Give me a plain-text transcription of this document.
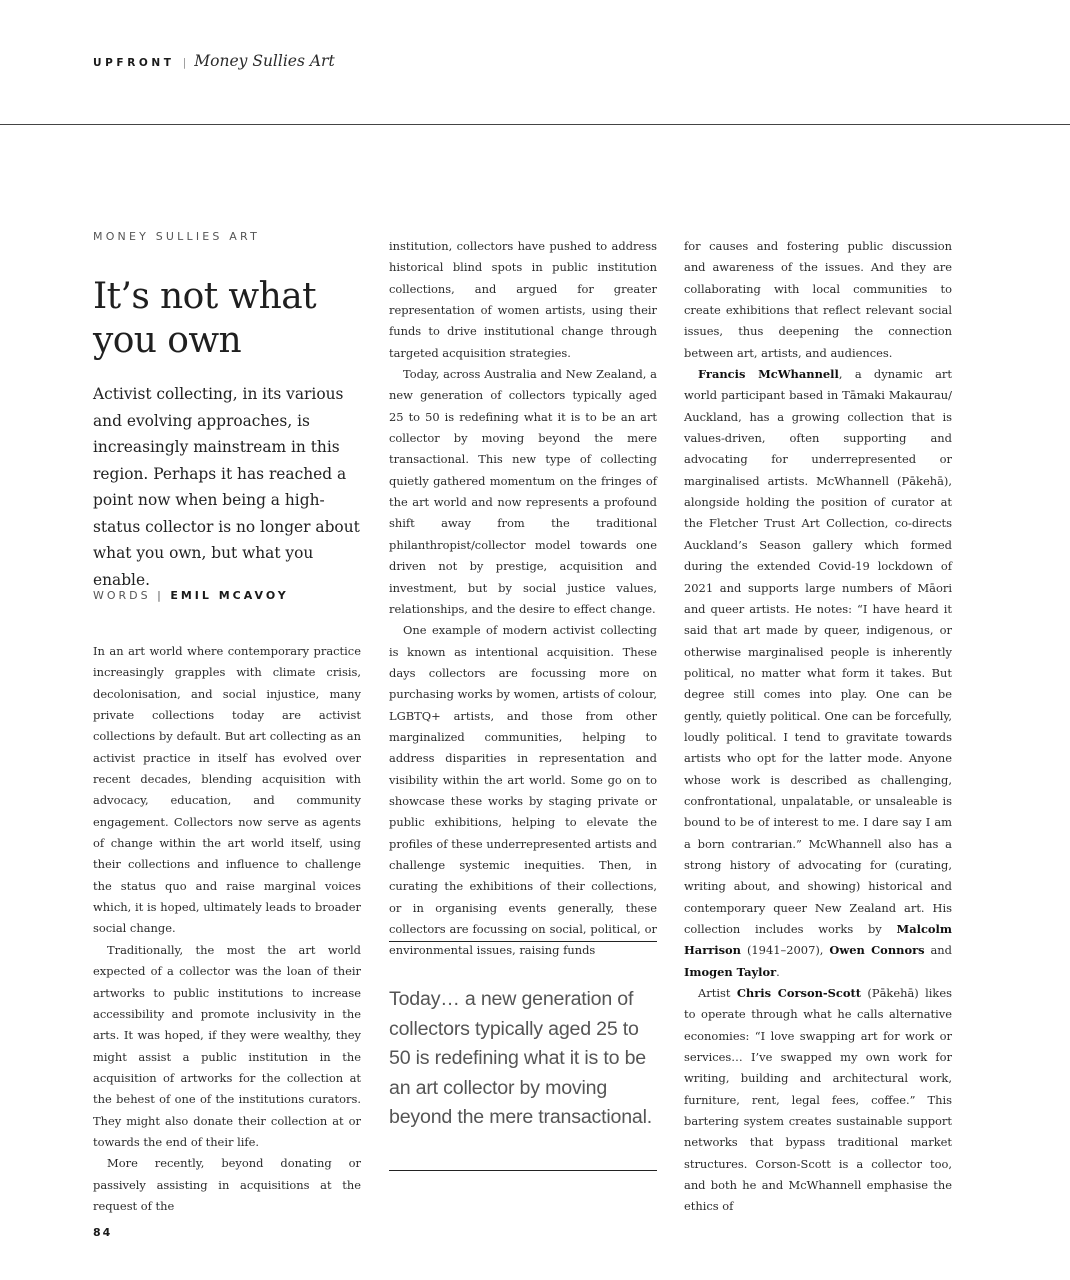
UPFRONT | Money Sullies Art
MONEY SULLIES ART
It’s not what you own

Activist collecting, in its various and evolving approaches, is increasingly mainstream in this region. Perhaps it has reached a point now when being a high-status collector is no longer about what you own, but what you enable.

WORDS | EMIL MCAVOY

In an art world where contemporary practice increasingly grapples with climate crisis, decolonisation, and social injustice, many private collections today are activist collections by default. But art collecting as an activist practice in itself has evolved over recent decades, blending acquisition with advocacy, education, and community engagement. Collectors now serve as agents of change within the art world itself, using their collections and influence to challenge the status quo and raise marginal voices which, it is hoped, ultimately leads to broader social change.

Traditionally, the most the art world expected of a collector was the loan of their artworks to public institutions to increase accessibility and promote inclusivity in the arts. It was hoped, if they were wealthy, they might assist a public institution in the acquisition of artworks for the collection at the behest of one of the institutions curators. They might also donate their collection at or towards the end of their life.

More recently, beyond donating or passively assisting in acquisitions at the request of the

institution, collectors have pushed to address historical blind spots in public institution collections, and argued for greater representation of women artists, using their funds to drive institutional change through targeted acquisition strategies.

Today, across Australia and New Zealand, a new generation of collectors typically aged 25 to 50 is redefining what it is to be an art collector by moving beyond the mere transactional. This new type of collecting quietly gathered momentum on the fringes of the art world and now represents a profound shift away from the traditional philanthropist/collector model towards one driven not by prestige, acquisition and investment, but by social justice values, relationships, and the desire to effect change.

One example of modern activist collecting is known as intentional acquisition. These days collectors are focussing more on purchasing works by women, artists of colour, LGBTQ+ artists, and those from other marginalized communities, helping to address disparities in representation and visibility within the art world. Some go on to showcase these works by staging private or public exhibitions, helping to elevate the profiles of these underrepresented artists and challenge systemic inequities. Then, in curating the exhibitions of their collections, or in organising events generally, these collectors are focussing on social, political, or environmental issues, raising funds

Today… a new generation of collectors typically aged 25 to 50 is redefining what it is to be an art collector by moving beyond the mere transactional.

for causes and fostering public discussion and awareness of the issues. And they are collaborating with local communities to create exhibitions that reflect relevant social issues, thus deepening the connection between art, artists, and audiences.

Francis McWhannell, a dynamic art world participant based in Tāmaki Makaurau/ Auckland, has a growing collection that is values-driven, often supporting and advocating for underrepresented or marginalised artists. McWhannell (Pākehā), alongside holding the position of curator at the Fletcher Trust Art Collection, co-directs Auckland’s Season gallery which formed during the extended Covid-19 lockdown of 2021 and supports large numbers of Māori and queer artists. He notes: “I have heard it said that art made by queer, indigenous, or otherwise marginalised people is inherently political, no matter what form it takes. But degree still comes into play. One can be gently, quietly political. One can be forcefully, loudly political. I tend to gravitate towards artists who opt for the latter mode. Anyone whose work is described as challenging, confrontational, unpalatable, or unsaleable is bound to be of interest to me. I dare say I am a born contrarian.” McWhannell also has a strong history of advocating for (curating, writing about, and showing) historical and contemporary queer New Zealand art. His collection includes works by Malcolm Harrison (1941–2007), Owen Connors and Imogen Taylor.

Artist Chris Corson-Scott (Pākehā) likes to operate through what he calls alternative economies: “I love swapping art for work or services… I’ve swapped my own work for writing, building and architectural work, furniture, rent, legal fees, coffee.” This bartering system creates sustainable support networks that bypass traditional market structures. Corson-Scott is a collector too, and both he and McWhannell emphasise the ethics of

84
